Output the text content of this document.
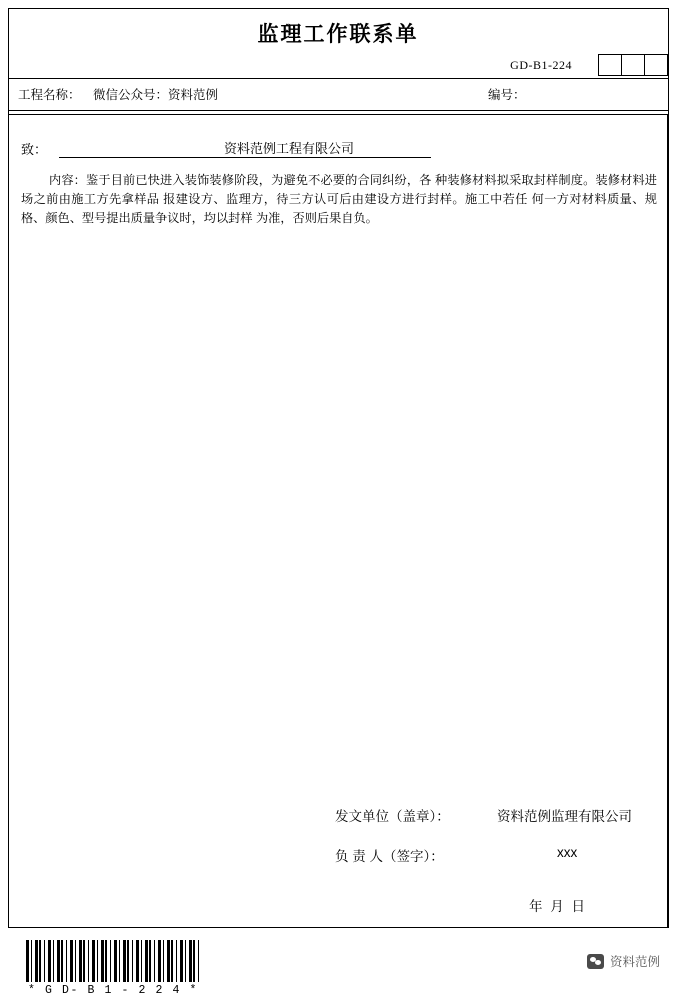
监理工作联系单
GD-B1-224
工程名称： 微信公众号：资料范例	编号：
致：	资料范例工程有限公司
内容：鉴于目前已快进入装饰装修阶段，为避免不必要的合同纠纷，各 种装修材料拟采取封样制度。装修材料进场之前由施工方先拿样品 报建设方、监理方，待三方认可后由建设方进行封样。施工中若任 何一方对材料质量、规格、颜色、型号提出质量争议时，均以封样 为准，否则后果自负。
发文单位（盖章）：	资料范例监理有限公司
负 责 人（签字）：	xxx
年 月 日
* G D- B 1 - 2 2 4 *
资料范例
